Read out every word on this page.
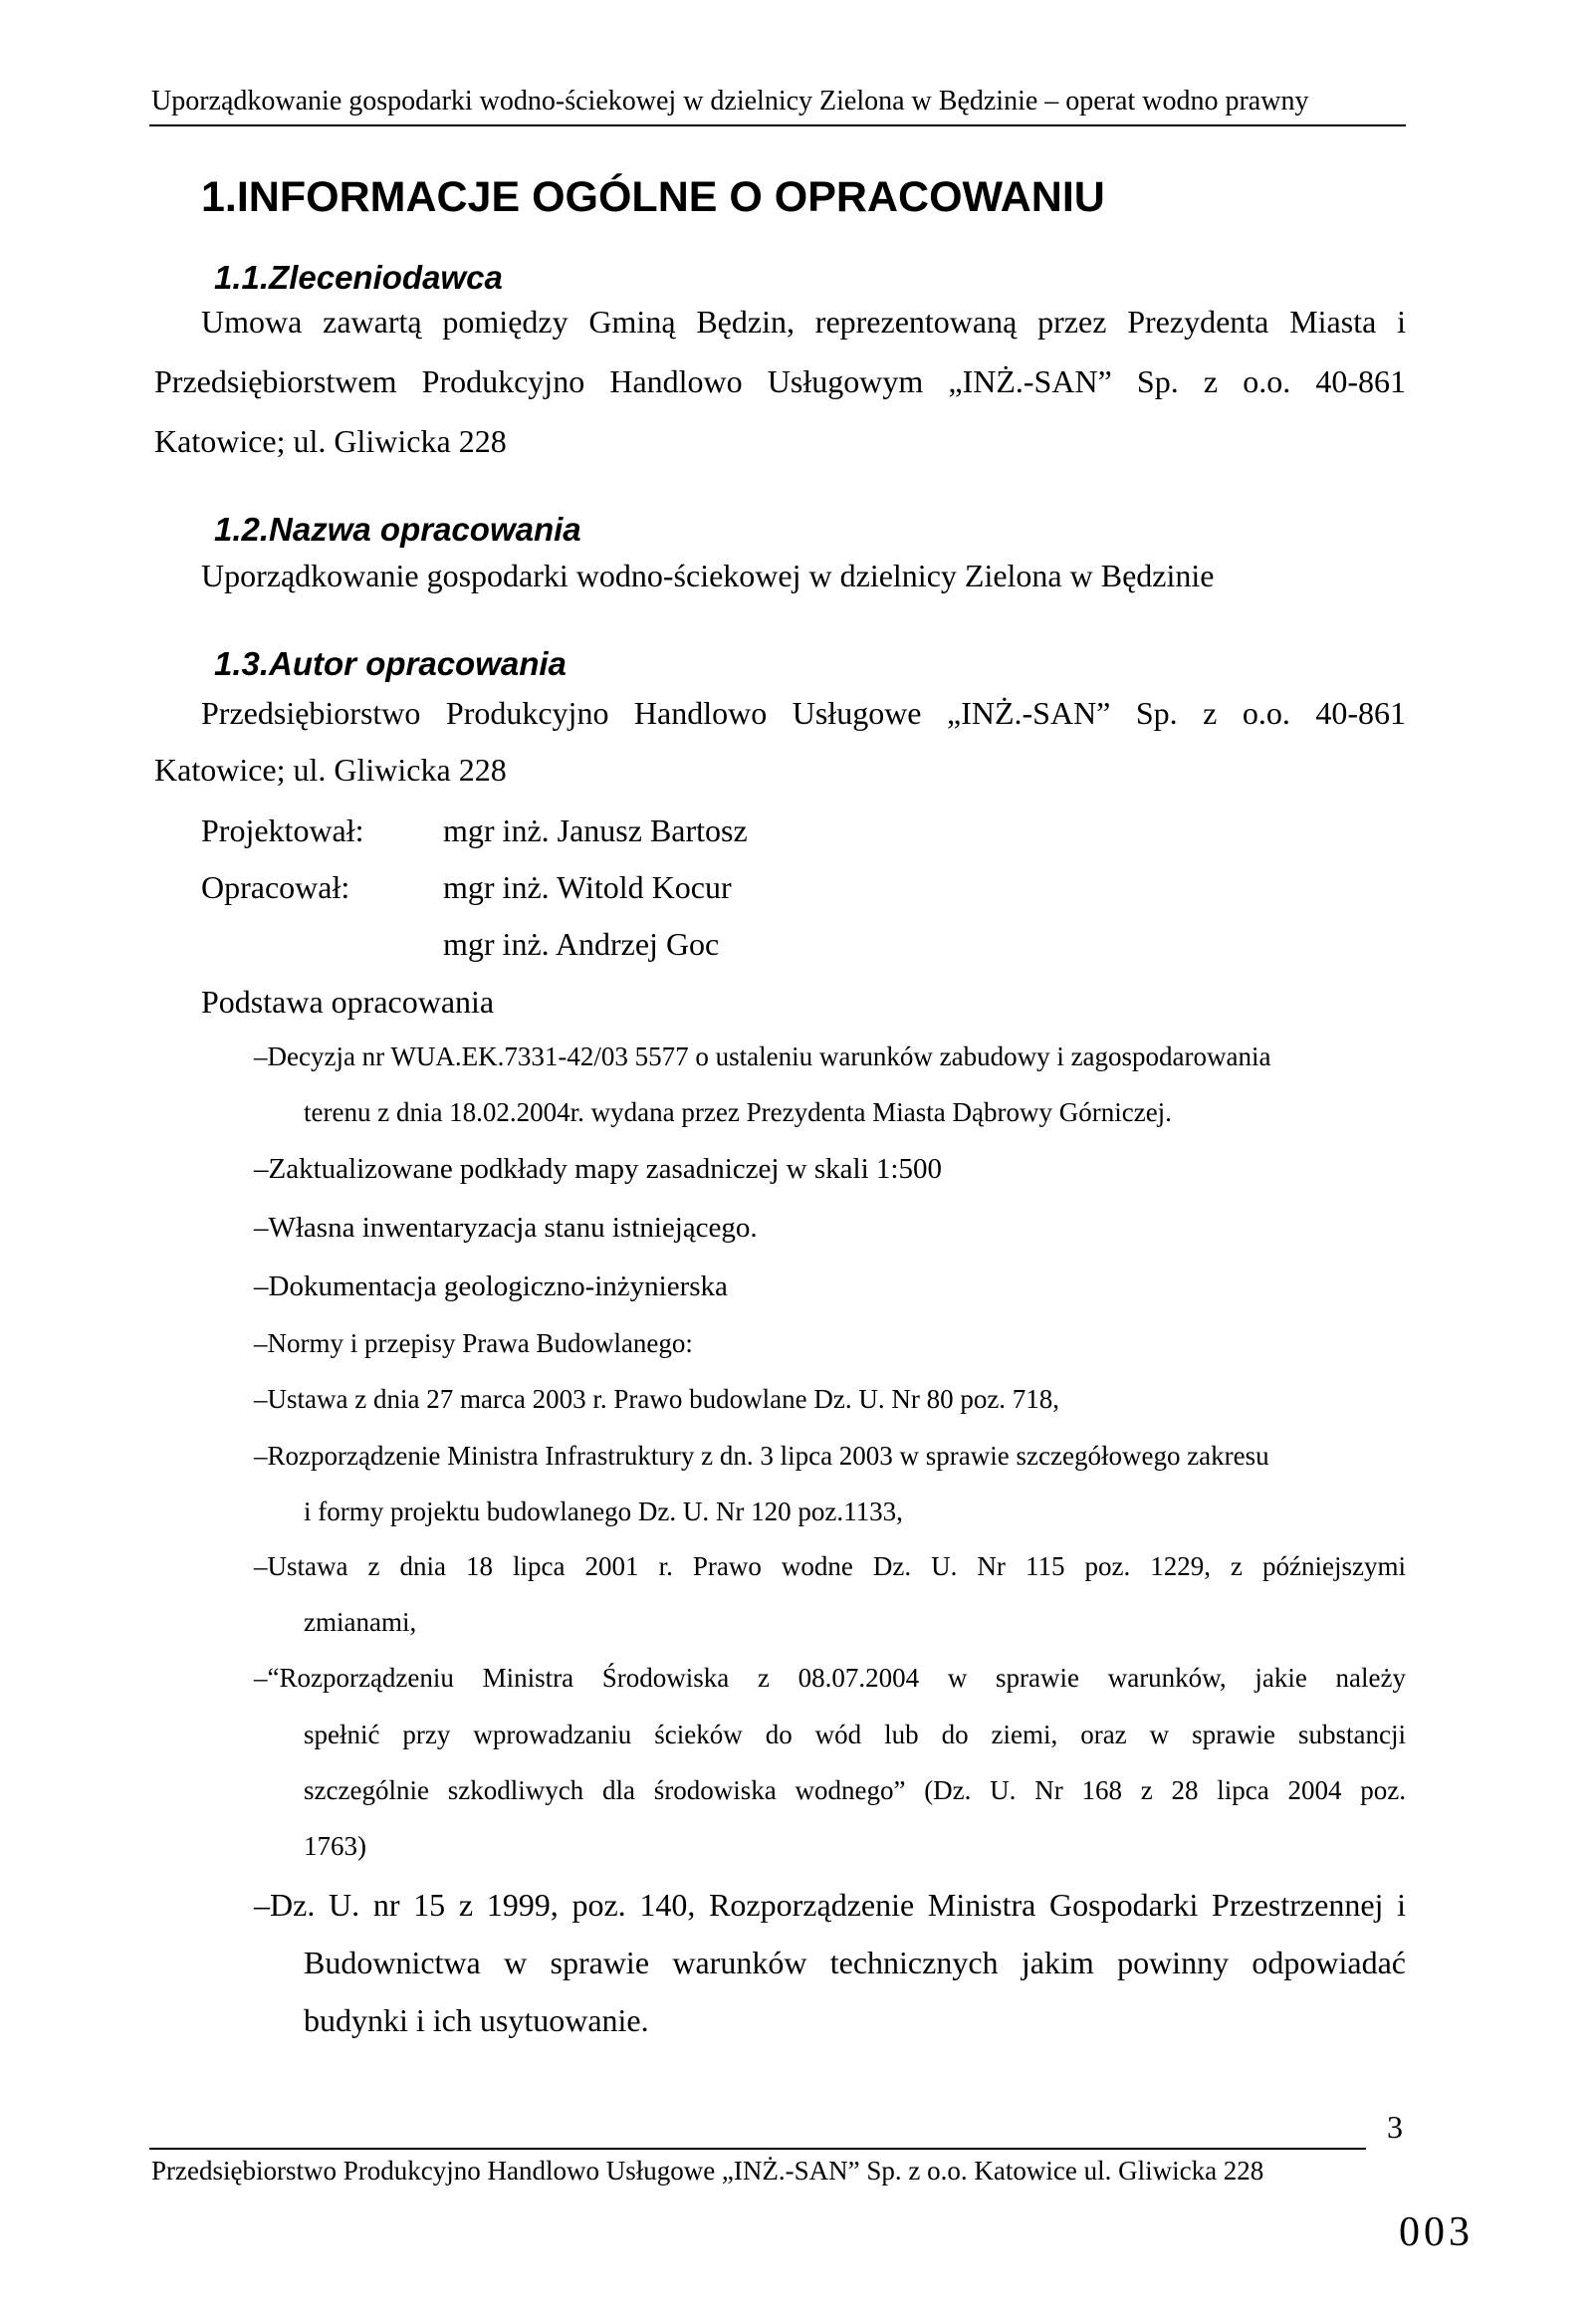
Uporządkowanie gospodarki wodno-ściekowej w dzielnicy Zielona w Będzinie – operat wodno prawny
1.INFORMACJE OGÓLNE O OPRACOWANIU
1.1.Zleceniodawca
Umowa zawartą pomiędzy Gminą Będzin, reprezentowaną przez Prezydenta Miasta i
Przedsiębiorstwem Produkcyjno Handlowo Usługowym „INŻ.-SAN” Sp. z o.o. 40-861
Katowice; ul. Gliwicka 228
1.2.Nazwa opracowania
Uporządkowanie gospodarki wodno-ściekowej w dzielnicy Zielona w Będzinie
1.3.Autor opracowania
Przedsiębiorstwo Produkcyjno Handlowo Usługowe „INŻ.-SAN” Sp. z o.o. 40-861
Katowice; ul. Gliwicka 228
Projektował: mgr inż. Janusz Bartosz
Opracował:	mgr inż. Witold Kocur
mgr inż. Andrzej Goc
Podstawa opracowania
–Decyzja nr WUA.EK.7331-42/03 5577 o ustaleniu warunków zabudowy i zagospodarowania
terenu z dnia 18.02.2004r. wydana przez Prezydenta Miasta Dąbrowy Górniczej.
–Zaktualizowane podkłady mapy zasadniczej w skali 1:500
–Własna inwentaryzacja stanu istniejącego.
–Dokumentacja geologiczno-inżynierska
–Normy i przepisy Prawa Budowlanego:
–Ustawa z dnia 27 marca 2003 r. Prawo budowlane Dz. U. Nr 80 poz. 718,
–Rozporządzenie Ministra Infrastruktury z dn. 3 lipca 2003 w sprawie szczegółowego zakresu
i formy projektu budowlanego Dz. U. Nr 120 poz.1133,
–Ustawa z dnia 18 lipca 2001 r. Prawo wodne Dz. U. Nr 115 poz. 1229, z późniejszymi
zmianami,
–“Rozporządzeniu Ministra Środowiska z 08.07.2004 w sprawie warunków, jakie należy
spełnić przy wprowadzaniu ścieków do wód lub do ziemi, oraz w sprawie substancji
szczególnie szkodliwych dla środowiska wodnego” (Dz. U. Nr 168 z 28 lipca 2004 poz.
1763)
–Dz. U. nr 15 z 1999, poz. 140, Rozporządzenie Ministra Gospodarki Przestrzennej i
Budownictwa w sprawie warunków technicznych jakim powinny odpowiadać
budynki i ich usytuowanie.
3
Przedsiębiorstwo Produkcyjno Handlowo Usługowe „INŻ.-SAN” Sp. z o.o. Katowice ul. Gliwicka 228
003
